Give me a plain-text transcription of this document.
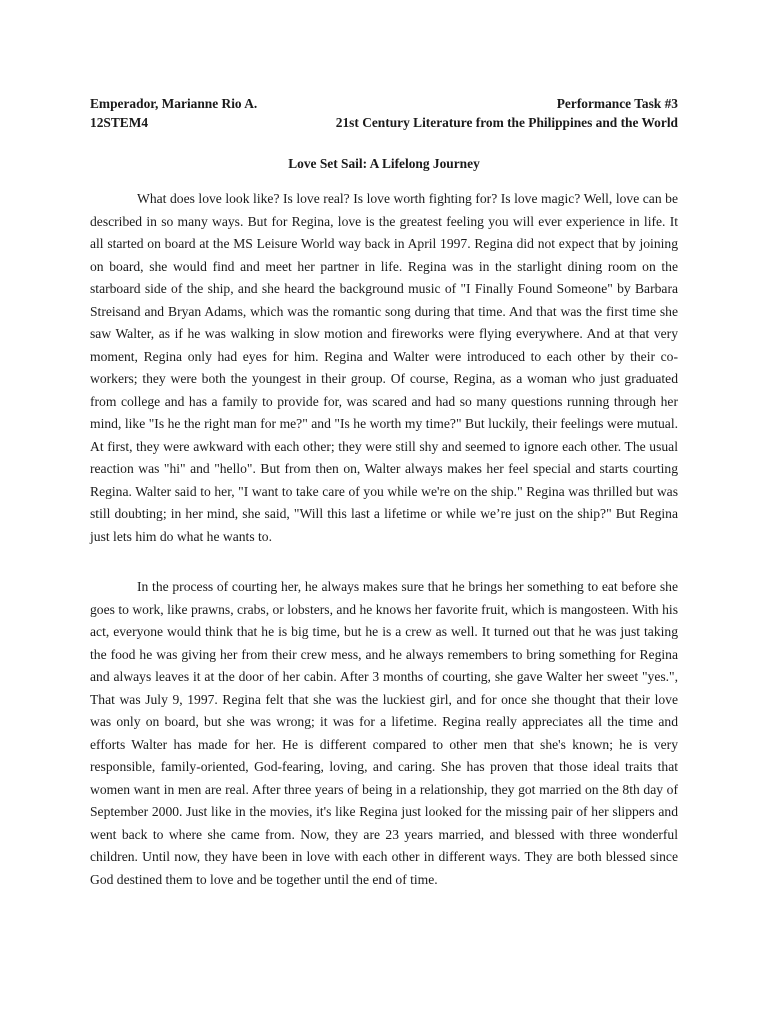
Emperador, Marianne Rio A.	Performance Task #3
12STEM4	21st Century Literature from the Philippines and the World
Love Set Sail: A Lifelong Journey

What does love look like? Is love real? Is love worth fighting for? Is love magic? Well, love can be described in so many ways. But for Regina, love is the greatest feeling you will ever experience in life. It all started on board at the MS Leisure World way back in April 1997. Regina did not expect that by joining on board, she would find and meet her partner in life. Regina was in the starlight dining room on the starboard side of the ship, and she heard the background music of "I Finally Found Someone" by Barbara Streisand and Bryan Adams, which was the romantic song during that time. And that was the first time she saw Walter, as if he was walking in slow motion and fireworks were flying everywhere. And at that very moment, Regina only had eyes for him. Regina and Walter were introduced to each other by their co-workers; they were both the youngest in their group. Of course, Regina, as a woman who just graduated from college and has a family to provide for, was scared and had so many questions running through her mind, like "Is he the right man for me?" and "Is he worth my time?" But luckily, their feelings were mutual. At first, they were awkward with each other; they were still shy and seemed to ignore each other. The usual reaction was "hi" and "hello". But from then on, Walter always makes her feel special and starts courting Regina. Walter said to her, "I want to take care of you while we're on the ship." Regina was thrilled but was still doubting; in her mind, she said, "Will this last a lifetime or while we’re just on the ship?" But Regina just lets him do what he wants to.

In the process of courting her, he always makes sure that he brings her something to eat before she goes to work, like prawns, crabs, or lobsters, and he knows her favorite fruit, which is mangosteen. With his act, everyone would think that he is big time, but he is a crew as well. It turned out that he was just taking the food he was giving her from their crew mess, and he always remembers to bring something for Regina and always leaves it at the door of her cabin. After 3 months of courting, she gave Walter her sweet "yes.", That was July 9, 1997. Regina felt that she was the luckiest girl, and for once she thought that their love was only on board, but she was wrong; it was for a lifetime. Regina really appreciates all the time and efforts Walter has made for her. He is different compared to other men that she's known; he is very responsible, family-oriented, God-fearing, loving, and caring. She has proven that those ideal traits that women want in men are real. After three years of being in a relationship, they got married on the 8th day of September 2000. Just like in the movies, it's like Regina just looked for the missing pair of her slippers and went back to where she came from. Now, they are 23 years married, and blessed with three wonderful children. Until now, they have been in love with each other in different ways. They are both blessed since God destined them to love and be together until the end of time.
